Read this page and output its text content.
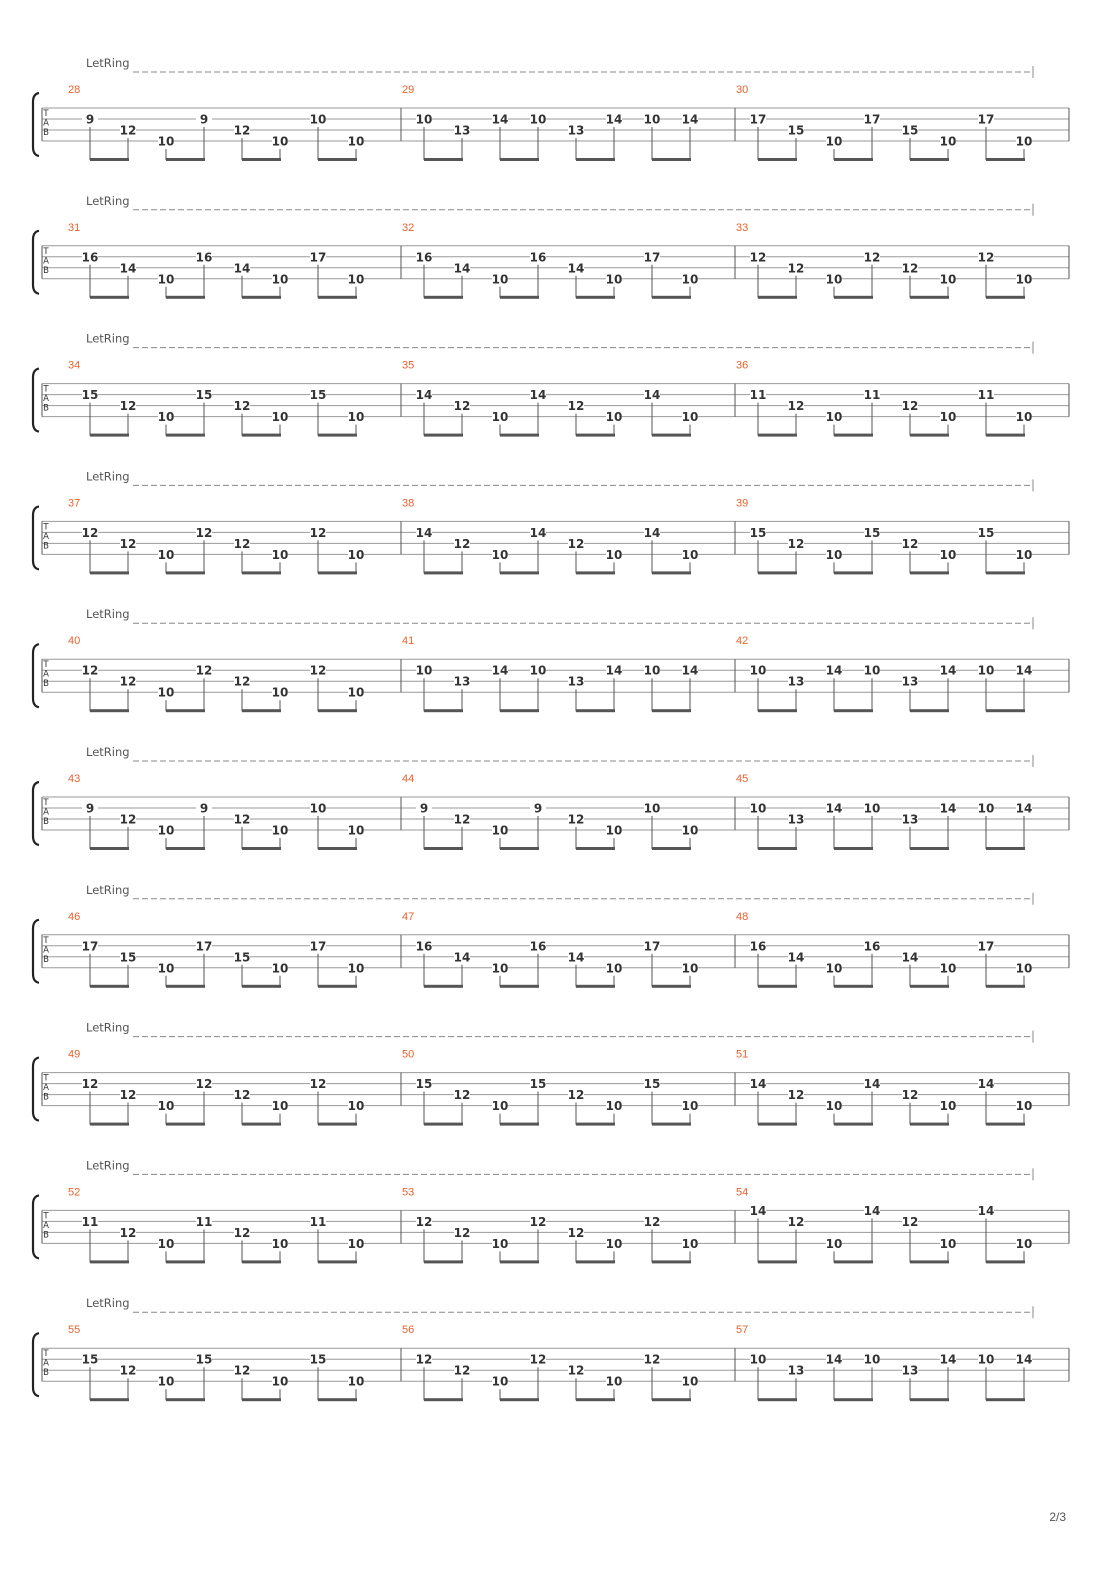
LetRing
T
A
B
28
9
12
10
9
12
10
10
10
29
10
13
14 10
13
14 10 14
30
17
15
10
17
15
10
17
10
LetRing
T
A
B
31
16
14
10
16
14
10
17
10
32
16
14
10
16
14
10
17
10
33
12
12
10
12
12
10
12
10
LetRing
T
A
B
34
15
12
10
15
12
10
15
10
35
14
12
10
14
12
10
14
10
36
11
12
10
11
12
10
11
10
LetRing
T
A
B
37
12
12
10
12
12
10
12
10
38
14
12
10
14
12
10
14
10
39
15
12
10
15
12
10
15
10
LetRing
T
A
B
40
12
12
10
12
12
10
12
10
41
10
13
14 10
13
14 10 14
42
10
13
14 10
13
14 10 14
LetRing
T
A
B
43
9
12
10
9
12
10
10
10
44
9
12
10
9
12
10
10
10
45
10
13
14 10
13
14 10 14
LetRing
T
A
B
46
17
15
10
17
15
10
17
10
47
16
14
10
16
14
10
17
10
48
16
14
10
16
14
10
17
10
LetRing
T
A
B
49
12
12
10
12
12
10
12
10
50
15
12
10
15
12
10
15
10
51
14
12
10
14
12
10
14
10
LetRing
T
A
B
52
11
12
10
11
12
10
11
10
53
12
12
10
12
12
10
12
10
54
14
12
10
14
12
10
14
10
LetRing
T
A
B
55
15
12
10
15
12
10
15
10
56
12
12
10
12
12
10
12
10
57
10
13
14 10
13
14 10 14
2/3
